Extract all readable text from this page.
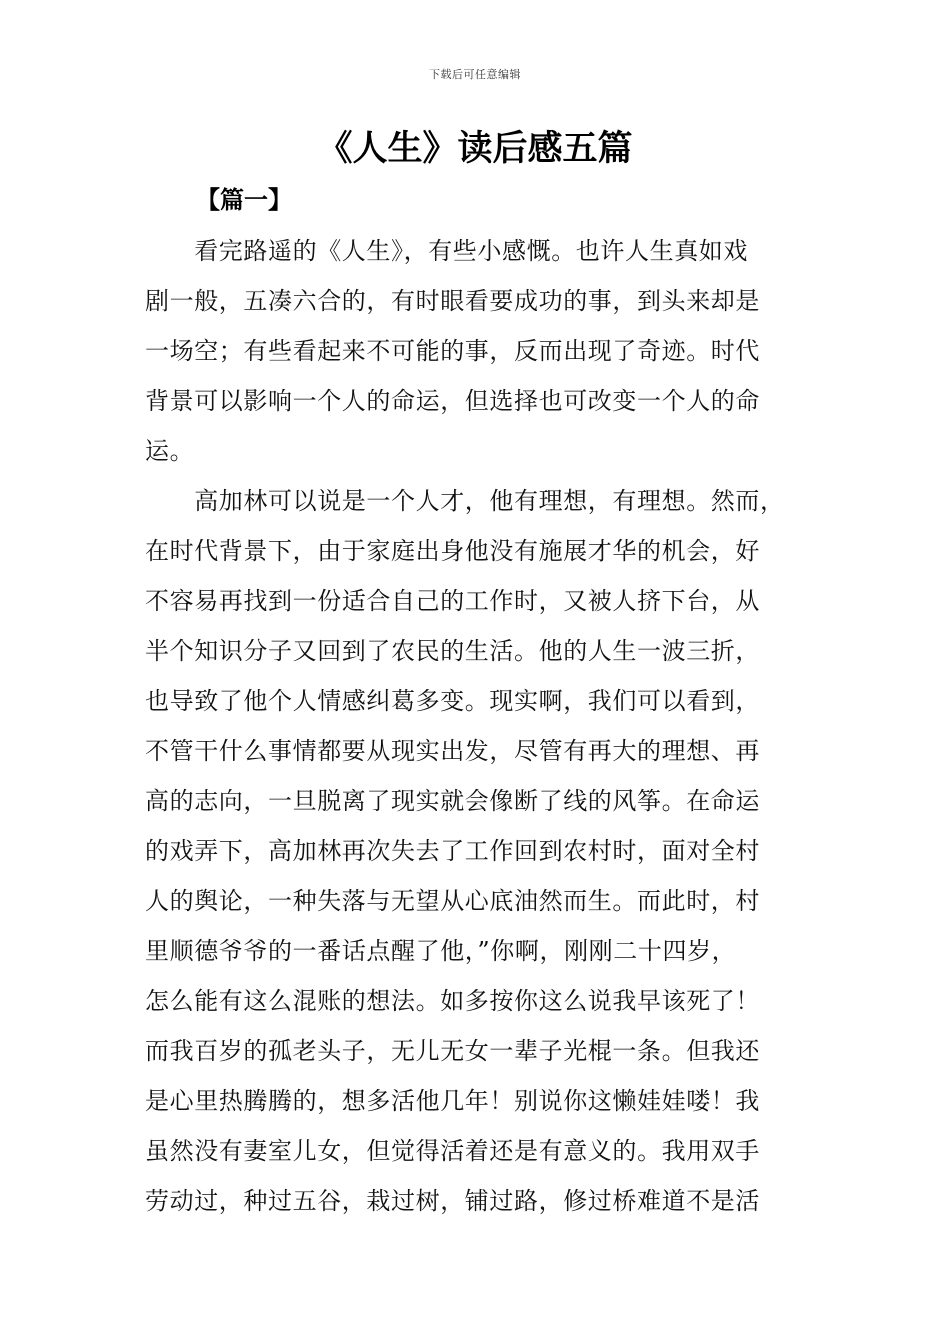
下载后可任意编辑
《人生》读后感五篇
【篇一】
　　看完路遥的《人生》，有些小感慨。也许人生真如戏
剧一般，五凑六合的，有时眼看要成功的事，到头来却是
一场空；有些看起来不可能的事，反而出现了奇迹。时代
背景可以影响一个人的命运，但选择也可改变一个人的命
运。
　　高加林可以说是一个人才，他有理想，有理想。然而，
在时代背景下，由于家庭出身他没有施展才华的机会，好
不容易再找到一份适合自己的工作时，又被人挤下台，从
半个知识分子又回到了农民的生活。他的人生一波三折，
也导致了他个人情感纠葛多变。现实啊，我们可以看到，
不管干什么事情都要从现实出发，尽管有再大的理想、再
高的志向，一旦脱离了现实就会像断了线的风筝。在命运
的戏弄下，高加林再次失去了工作回到农村时，面对全村
人的舆论，一种失落与无望从心底油然而生。而此时，村
里顺德爷爷的一番话点醒了他，”你啊，刚刚二十四岁，
怎么能有这么混账的想法。如多按你这么说我早该死了！
而我百岁的孤老头子，无儿无女一辈子光棍一条。但我还
是心里热腾腾的，想多活他几年！别说你这懒娃娃喽！我
虽然没有妻室儿女，但觉得活着还是有意义的。我用双手
劳动过，种过五谷，栽过树，铺过路，修过桥难道不是活
